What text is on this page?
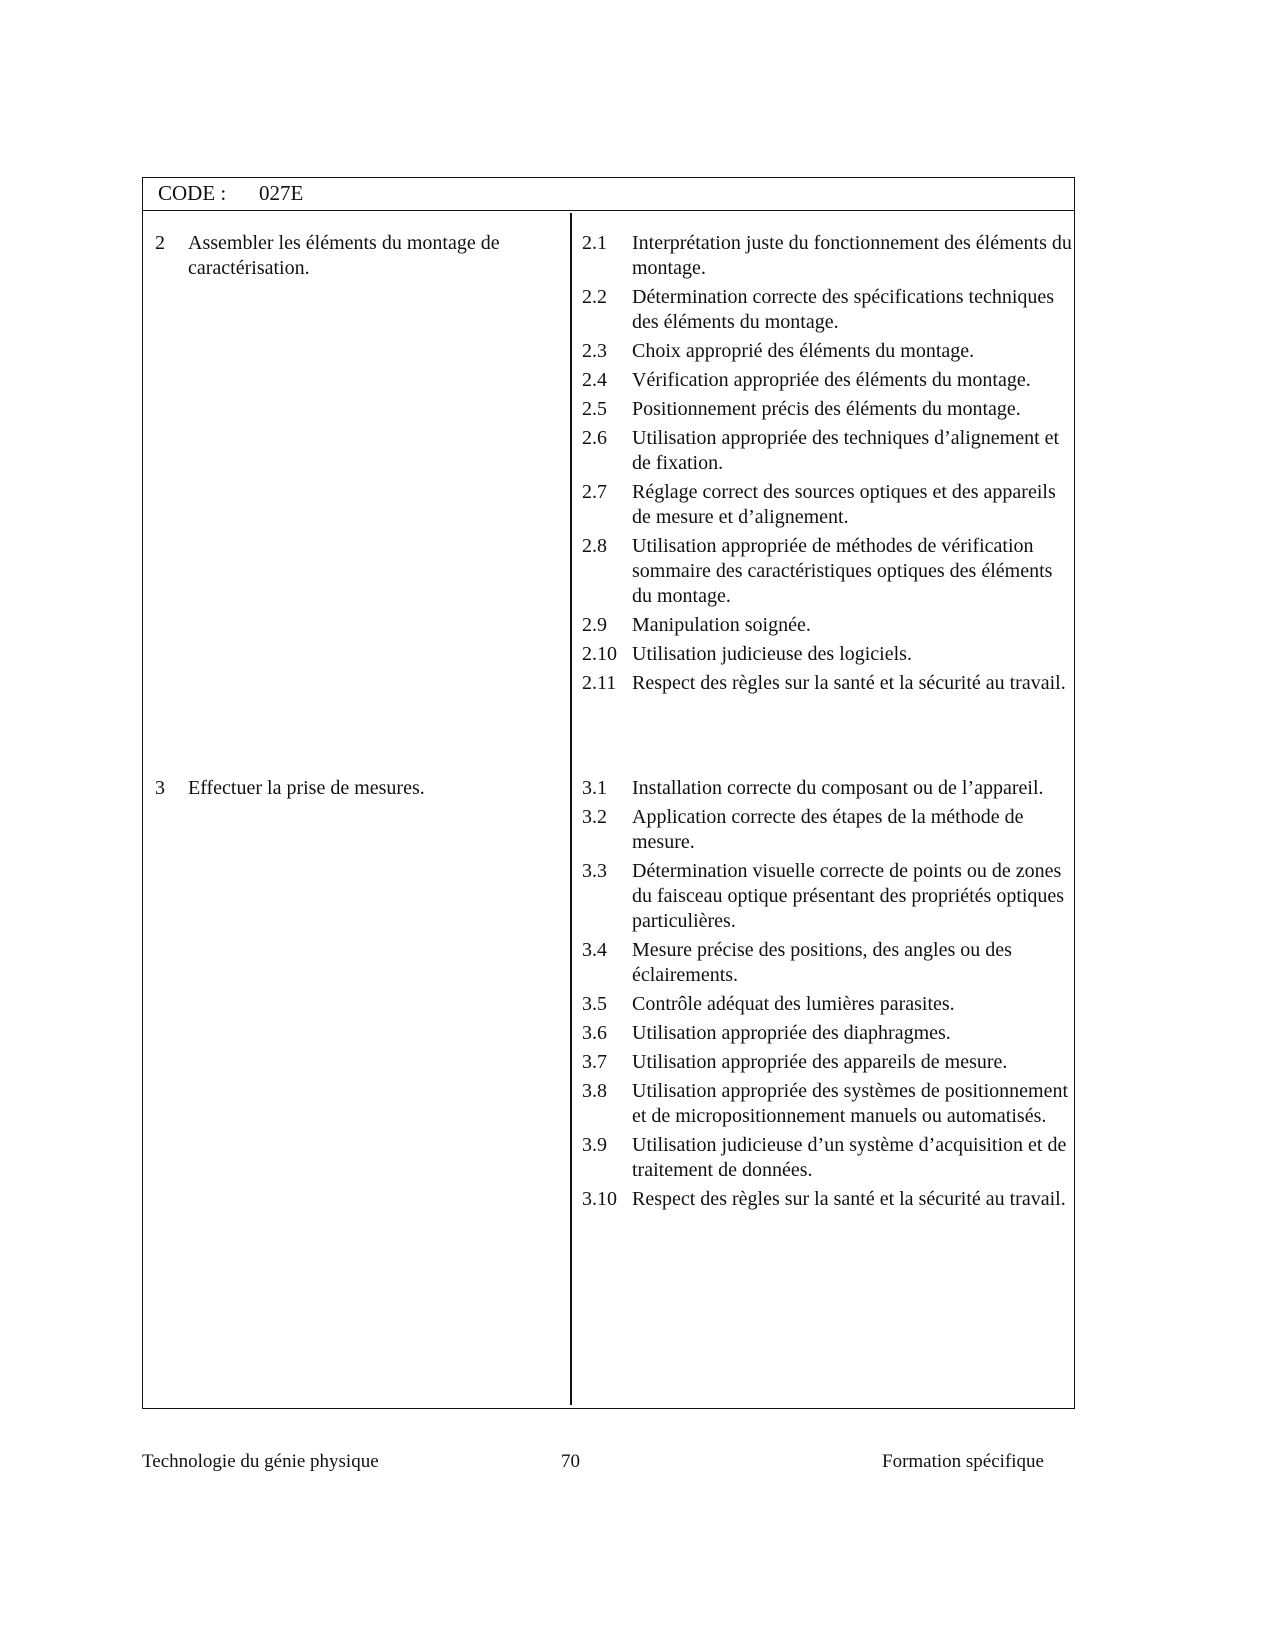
CODE : 027E
2	Assembler les éléments du montage de caractérisation.
2.1	Interprétation juste du fonctionnement des éléments du montage.
2.2	Détermination correcte des spécifications techniques des éléments du montage.
2.3	Choix approprié des éléments du montage.
2.4	Vérification appropriée des éléments du montage.
2.5	Positionnement précis des éléments du montage.
2.6	Utilisation appropriée des techniques d’alignement et de fixation.
2.7	Réglage correct des sources optiques et des appareils de mesure et d’alignement.
2.8	Utilisation appropriée de méthodes de vérification sommaire des caractéristiques optiques des éléments du montage.
2.9	Manipulation soignée.
2.10 Utilisation judicieuse des logiciels.
2.11 Respect des règles sur la santé et la sécurité au travail.
3	Effectuer la prise de mesures.	3.1	Installation correcte du composant ou de l’appareil.
3.2	Application correcte des étapes de la méthode de mesure.
3.3	Détermination visuelle correcte de points ou de zones du faisceau optique présentant des propriétés optiques particulières.
3.4	Mesure précise des positions, des angles ou des éclairements.
3.5	Contrôle adéquat des lumières parasites.
3.6	Utilisation appropriée des diaphragmes.
3.7	Utilisation appropriée des appareils de mesure.
3.8	Utilisation appropriée des systèmes de positionnement et de micropositionnement manuels ou automatisés.
3.9	Utilisation judicieuse d’un système d’acquisition et de traitement de données.
3.10 Respect des règles sur la santé et la sécurité au travail.
Technologie du génie physique	70	Formation spécifique
